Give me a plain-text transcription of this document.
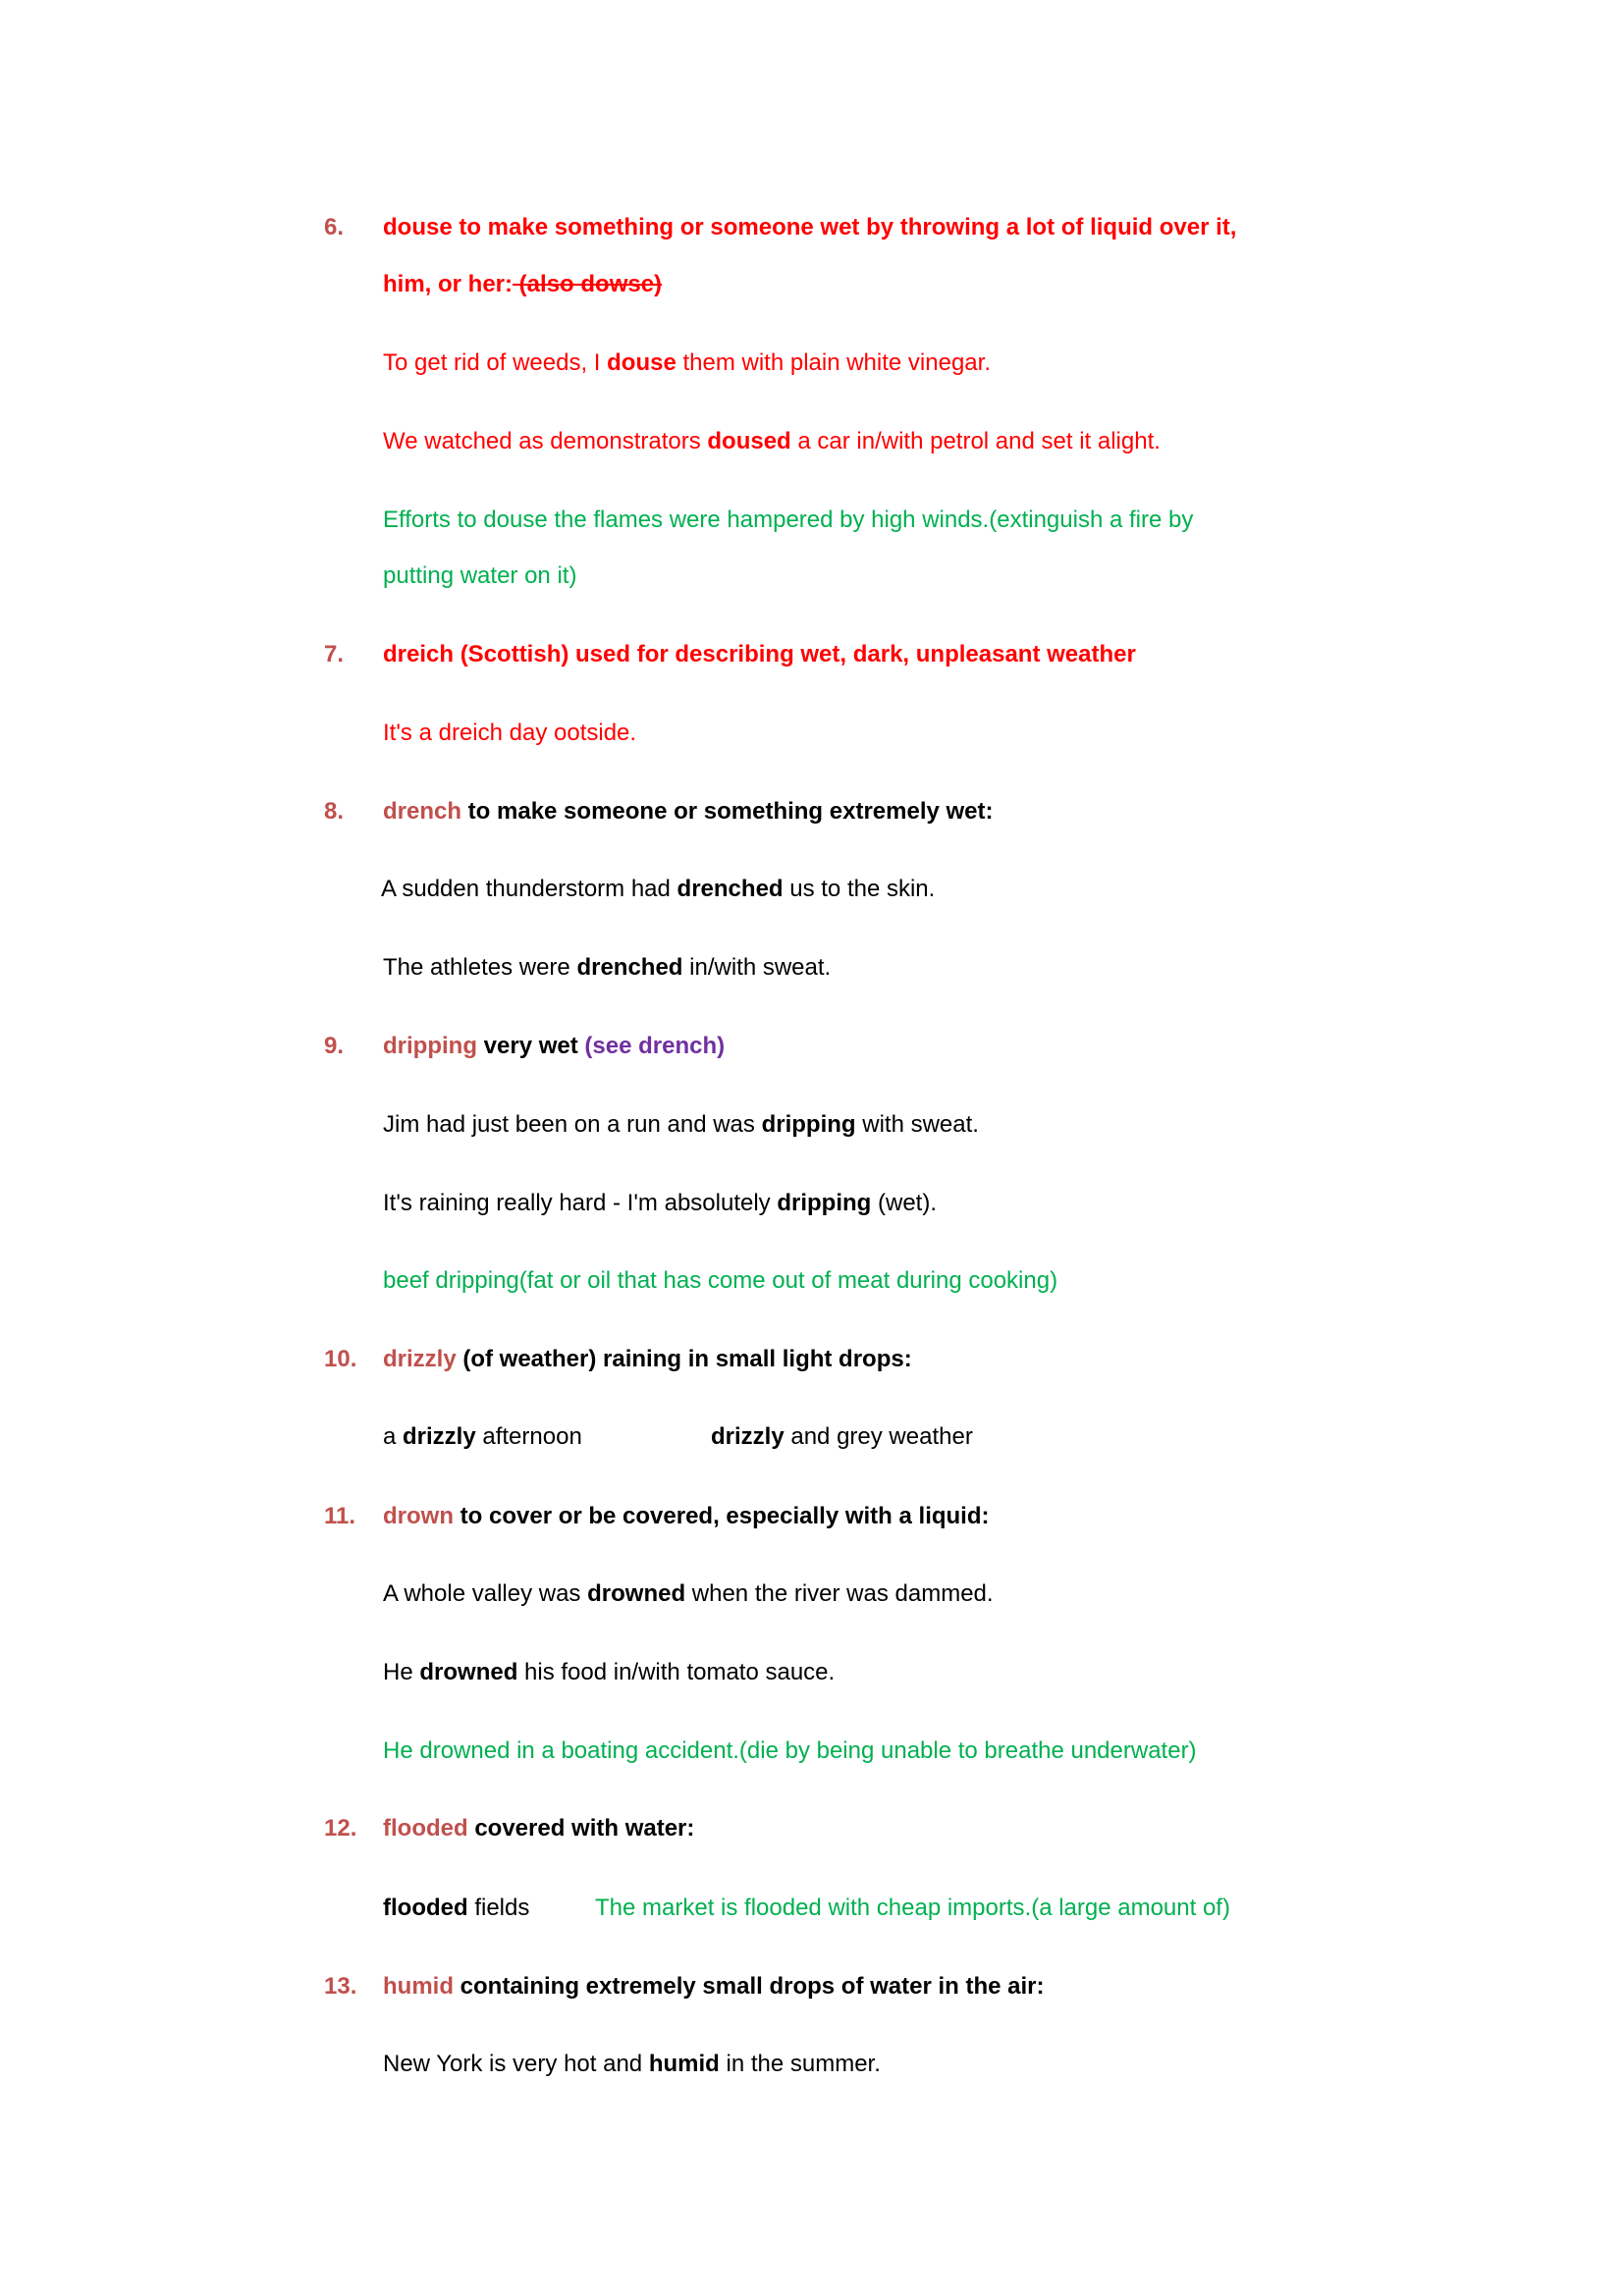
6. douse to make something or someone wet by throwing a lot of liquid over it,
him, or her: (also dowse)
To get rid of weeds, I douse them with plain white vinegar.
We watched as demonstrators doused a car in/with petrol and set it alight.
Efforts to douse the flames were hampered by high winds.(extinguish a fire by
putting water on it)
7. dreich (Scottish) used for describing wet, dark, unpleasant weather
It's a dreich day ootside.
8. drench to make someone or something extremely wet:
A sudden thunderstorm had drenched us to the skin.
The athletes were drenched in/with sweat.
9. dripping very wet (see drench)
Jim had just been on a run and was dripping with sweat.
It's raining really hard - I'm absolutely dripping (wet).
beef dripping(fat or oil that has come out of meat during cooking)
10. drizzly (of weather) raining in small light drops:
a drizzly afternoon	drizzly and grey weather
11. drown to cover or be covered, especially with a liquid:
A whole valley was drowned when the river was dammed.
He drowned his food in/with tomato sauce.
He drowned in a boating accident.(die by being unable to breathe underwater)
12. flooded covered with water:
flooded fields	The market is flooded with cheap imports.(a large amount of)
13. humid containing extremely small drops of water in the air:
New York is very hot and humid in the summer.
